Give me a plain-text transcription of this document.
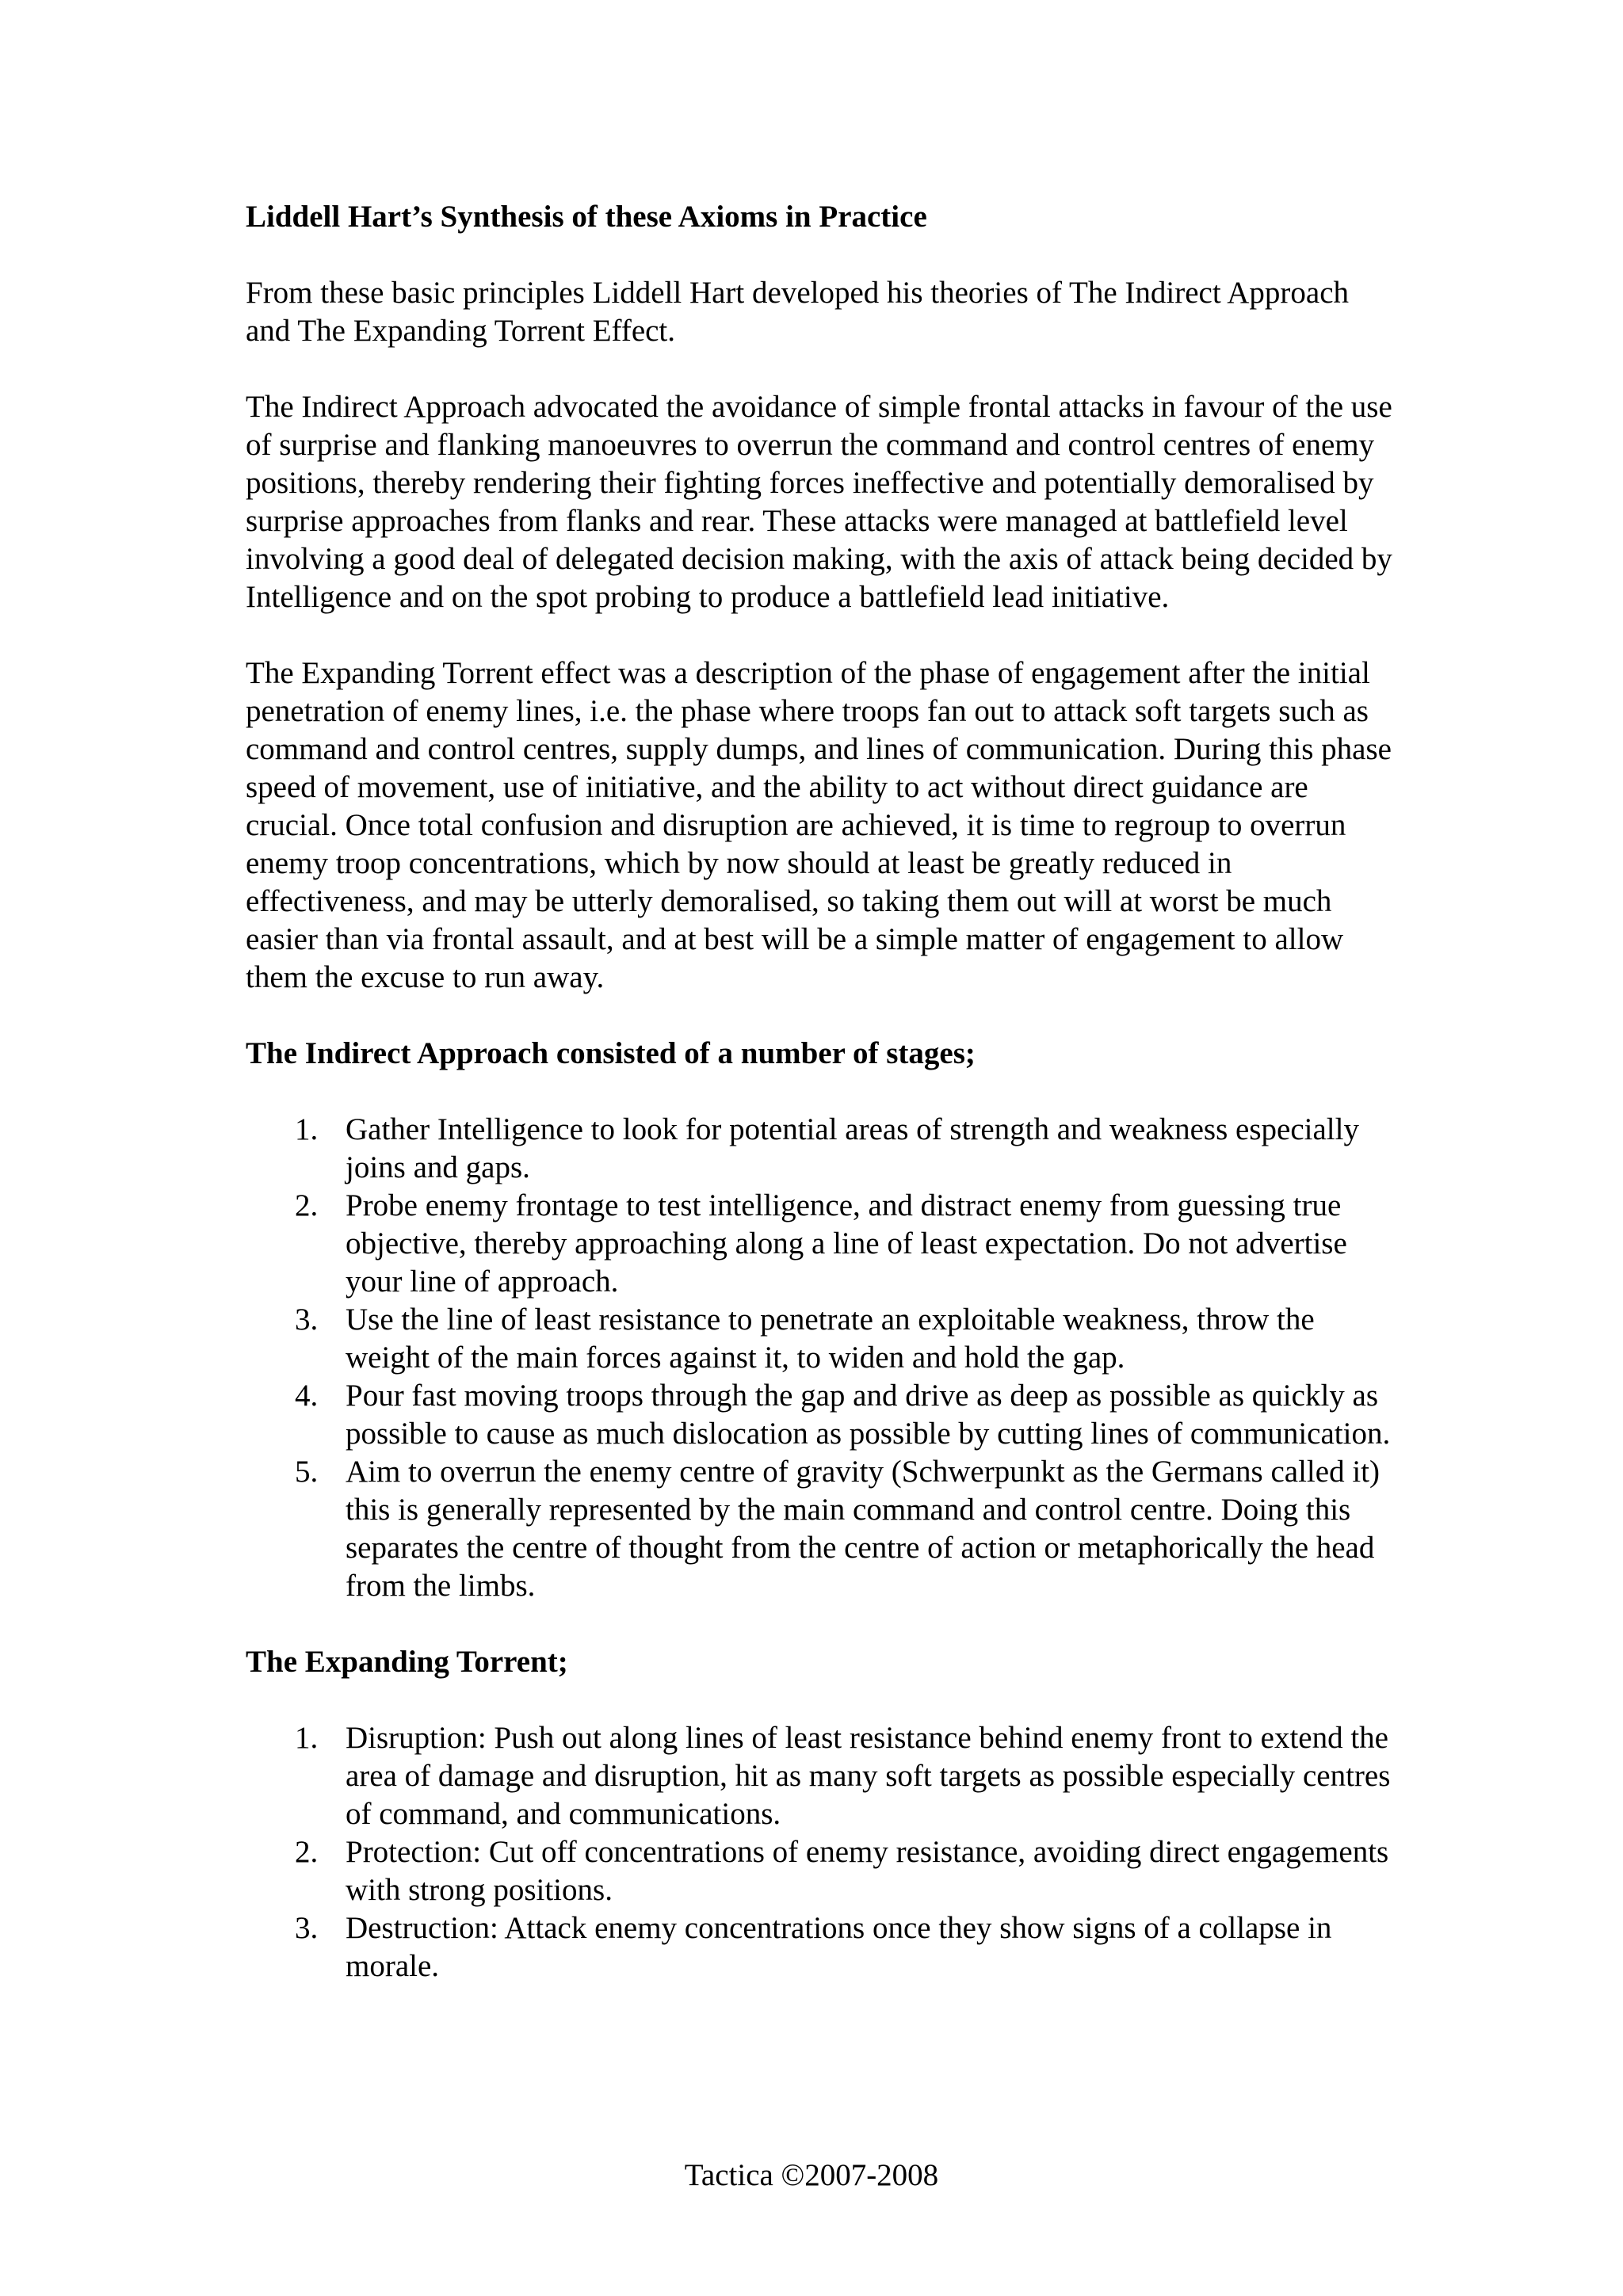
Liddell Hart’s Synthesis of these Axioms in Practice

From these basic principles Liddell Hart developed his theories of The Indirect Approach and The Expanding Torrent Effect.

The Indirect Approach advocated the avoidance of simple frontal attacks in favour of the use of surprise and flanking manoeuvres to overrun the command and control centres of enemy positions, thereby rendering their fighting forces ineffective and potentially demoralised by surprise approaches from flanks and rear. These attacks were managed at battlefield level involving a good deal of delegated decision making, with the axis of attack being decided by Intelligence and on the spot probing to produce a battlefield lead initiative.

The Expanding Torrent effect was a description of the phase of engagement after the initial penetration of enemy lines, i.e. the phase where troops fan out to attack soft targets such as command and control centres, supply dumps, and lines of communication. During this phase speed of movement, use of initiative, and the ability to act without direct guidance are crucial. Once total confusion and disruption are achieved, it is time to regroup to overrun enemy troop concentrations, which by now should at least be greatly reduced in effectiveness, and may be utterly demoralised, so taking them out will at worst be much easier than via frontal assault, and at best will be a simple matter of engagement to allow them the excuse to run away.

The Indirect Approach consisted of a number of stages;

1. Gather Intelligence to look for potential areas of strength and weakness especially joins and gaps.
2. Probe enemy frontage to test intelligence, and distract enemy from guessing true objective, thereby approaching along a line of least expectation. Do not advertise your line of approach.
3. Use the line of least resistance to penetrate an exploitable weakness, throw the weight of the main forces against it, to widen and hold the gap.
4. Pour fast moving troops through the gap and drive as deep as possible as quickly as possible to cause as much dislocation as possible by cutting lines of communication.
5. Aim to overrun the enemy centre of gravity (Schwerpunkt as the Germans called it) this is generally represented by the main command and control centre. Doing this separates the centre of thought from the centre of action or metaphorically the head from the limbs.

The Expanding Torrent;

1. Disruption: Push out along lines of least resistance behind enemy front to extend the area of damage and disruption, hit as many soft targets as possible especially centres of command, and communications.
2. Protection: Cut off concentrations of enemy resistance, avoiding direct engagements with strong positions.
3. Destruction: Attack enemy concentrations once they show signs of a collapse in morale.
Tactica ©2007-2008
